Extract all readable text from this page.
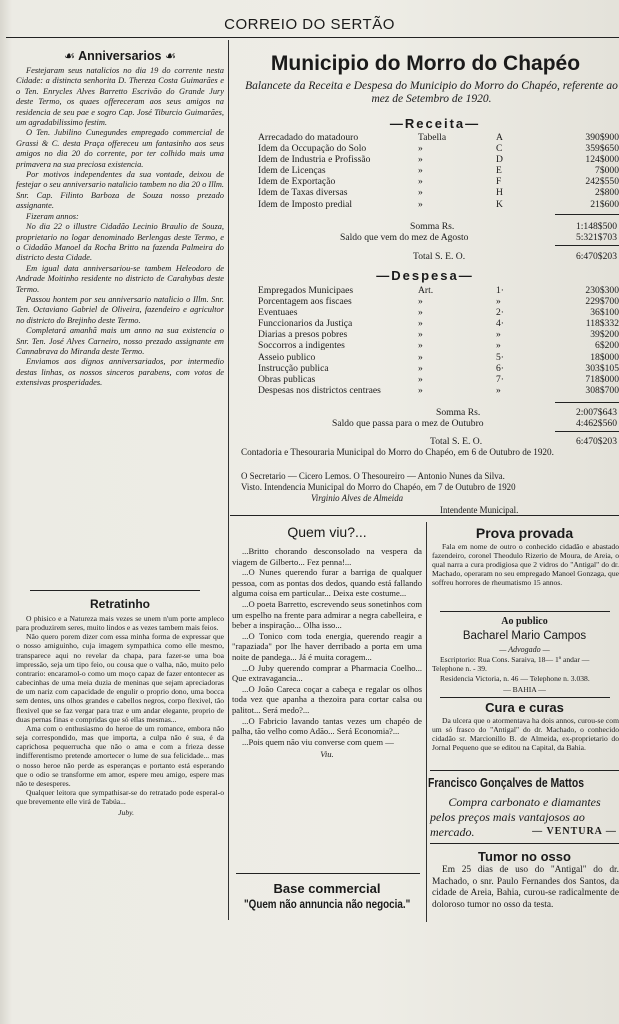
CORREIO DO SERTÃO
☙ Anniversarios ☙

Festejaram seus natalicios no dia 19 do corrente nesta Cidade: a distincta senhorita D. Thereza Costa Guimarães e o Ten. Enrycles Alves Barretto Escrivão do Grande Jury deste Termo, os quaes offereceram aos seus amigos na residencia de seu pae e sogro Cap. José Tiburcio Guimarães, um agradabilissimo festim.

O Ten. Jubilino Cunegundes empregado commercial de Grassi & C. desta Praça offereceu um fantasinho aos seus amigos no dia 20 do corrente, por ter colhido mais uma primavera na sua preciosa existencia.

Por motivos independentes da sua vontade, deixou de festejar o seu anniversario natalicio tambem no dia 20 o Illm. Snr. Cap. Filinto Barboza de Souza nosso prezado assignante.

Fizeram annos:

No dia 22 o illustre Cidadão Lecinio Braulio de Souza, proprietario no logar denominado Berlengas deste Termo, e o Cidadão Manoel da Rocha Britto na fazenda Palmeira do districto desta Cidade.

Em igual data anniversariou-se tambem Heleodoro de Andrade Moitinho residente no districto de Carahybas deste Termo.

Passou hontem por seu anniversario natalicio o Illm. Snr. Ten. Octaviano Gabriel de Oliveira, fazendeiro e agricultor no districto do Brejinho deste Termo.

Completará amanhã mais um anno na sua existencia o Snr. Ten. José Alves Carneiro, nosso prezado assignante em Cannabrava do Miranda deste Termo.

Enviamos aos dignos anniversariados, por intermedio destas linhas, os nossos sinceros parabens, com votos de extensivas prosperidades.

Retratinho

O phisico e a Natureza mais vezes se unem n'um porte ampleco para produzirem seres, muito lindos e as vezes tambem mais feios.

Não quero porem dizer com essa minha forma de expressar que o nosso amiguinho, cuja imagem sympathica como elle mesmo, transparece aqui no revelar da chapa, para fazer-se uma boa impressão, seja um tipo feio, ou cousa que o valha, não, muito pelo contrario: encaramol-o como um moço capaz de fazer entontecer as cabecinhas de uma meia duzia de meninas que sejam apreciadoras de um nariz com capacidade de engulir o proprio dono, uma bocca sem dentes, uns olhos grandes e cabellos negros, corpo flexivel, tão flexivel que se faz vergar para traz e um andar elegante, proprio de duas pernas finas e compridas que só ellas mesmas...

Ama com o enthusiasmo do heroe de um romance, embora não seja correspondido, mas que importa, a culpa não é sua, é da caprichosa pequerrucha que não o ama e com a frieza desse indifferentismo pretende amortecer o lume de sua felicidade... mas o nosso heroe não perde as esperanças e portanto está esperando que o odio se transforme em amor, espere meu amigo, espere mas não te desesperes.

Qualquer leitora que sympathisar-se do retratado pode esperal-o que brevemente elle virá de Tabúa...

Juby.
Municipio do Morro do Chapéo
Balancete da Receita e Despesa do Municipio do Morro do Chapéo, referente ao mez de Setembro de 1920.
—Receita—
Arrecadado do matadouro	Tabella	A	390$900
Idem da Occupação do Solo	»	C	359$650
Idem de Industria e Profissão	»	D	124$000
Idem de Licenças	»	E	7$000
Idem de Exportação	»	F	242$550
Idem de Taxas diversas	»	H	2$800
Idem de Imposto predial	»	K	21$600
Somma Rs.	1:148$500
Saldo que vem do mez de Agosto	5:321$703
Total S. E. O.	6:470$203
—Despesa—
Empregados Municipaes	Art.	1·	230$300
Porcentagem aos fiscaes	»	»	229$700
Eventuaes	»	2·	36$100
Funccionarios da Justiça	»	4·	118$332
Diarias a presos pobres	»	»	39$200
Soccorros a indigentes	»	»	6$200
Asseio publico	»	5·	18$000
Instrucção publica	»	6·	303$105
Obras publicas	»	7·	718$000
Despesas nos districtos centraes	»	»	308$700
Somma Rs.	2:007$643
Saldo que passa para o mez de Outubro	4:462$560
Total S. E. O.	6:470$203
Contadoria e Thesouraria Municipal do Morro do Chapéo, em 6 de Outubro de 1920.
O Secretario — Cicero Lemos. O Thesoureiro — Antonio Nunes da Silva.
Visto. Intendencia Municipal do Morro do Chapéo, em 7 de Outubro de 1920
Virginio Alves de Almeida
Intendente Municipal.
Quem viu?...

...Britto chorando desconsolado na vespera da viagem de Gilberto... Fez penna!...

...O Nunes querendo furar a barriga de qualquer pessoa, com as pontas dos dedos, quando está fallando alguma coisa em particular... Deixa este costume...

...O poeta Barretto, escrevendo seus sonetinhos com um espelho na frente para admirar a negra cabelleira, e beber a inspiração... Olha isso...

...O Tonico com toda energia, querendo reagir a "rapaziada" por lhe haver derribado a porta em uma noite de pandega... Já é muita coragem...

...O Juby querendo comprar a Pharmacia Coelho... Que extravagancia...

...O João Careca coçar a cabeça e regalar os olhos toda vez que apanha a thezoira para cortar calsa ou palitot... Será medo?...

...O Fabricio lavando tantas vezes um chapéo de palha, tão velho como Adão... Será Economia?...

...Pois quem não viu converse com quem —

Viu.
Base commercial
"Quem não annuncia não negocia."
Prova provada
Fala em nome de outro o conhecido cidadão e abastado fazendeiro, coronel Theodulo Rizerio de Moura, de Areia, o qual narra a cura prodigiosa que 2 vidros do "Antigal" do dr. Machado, operaram no seu empregado Manoel Gonzaga, que soffreu horrores de rheumatismo 15 annos.
Ao publico
Bacharel Mario Campos
— Advogado —
Escriptorio: Rua Cons. Saraiva, 18— 1º andar — Telephone n. - 39.
Residencia Victoria, n. 46 — Telephone n. 3.038.
— BAHIA —
Cura e curas
Da ulcera que o atormentava ha dois annos, curou-se com um só frasco do "Antigal" do dr. Machado, o conhecido cidadão sr. Marcionillo B. de Almeida, ex-proprietario do Jornal Pequeno que se editou na Capital, da Bahia.
Francisco Gonçalves de Mattos
Compra carbonato e diamantes
pelos preços mais vantajosos ao
mercado.	— VENTURA —
Tumor no osso
Em 25 dias de uso do "Antigal" do dr. Machado, o snr. Paulo Fernandes dos Santos, da cidade de Areia, Bahia, curou-se radicalmente de doloroso tumor no osso da testa.
